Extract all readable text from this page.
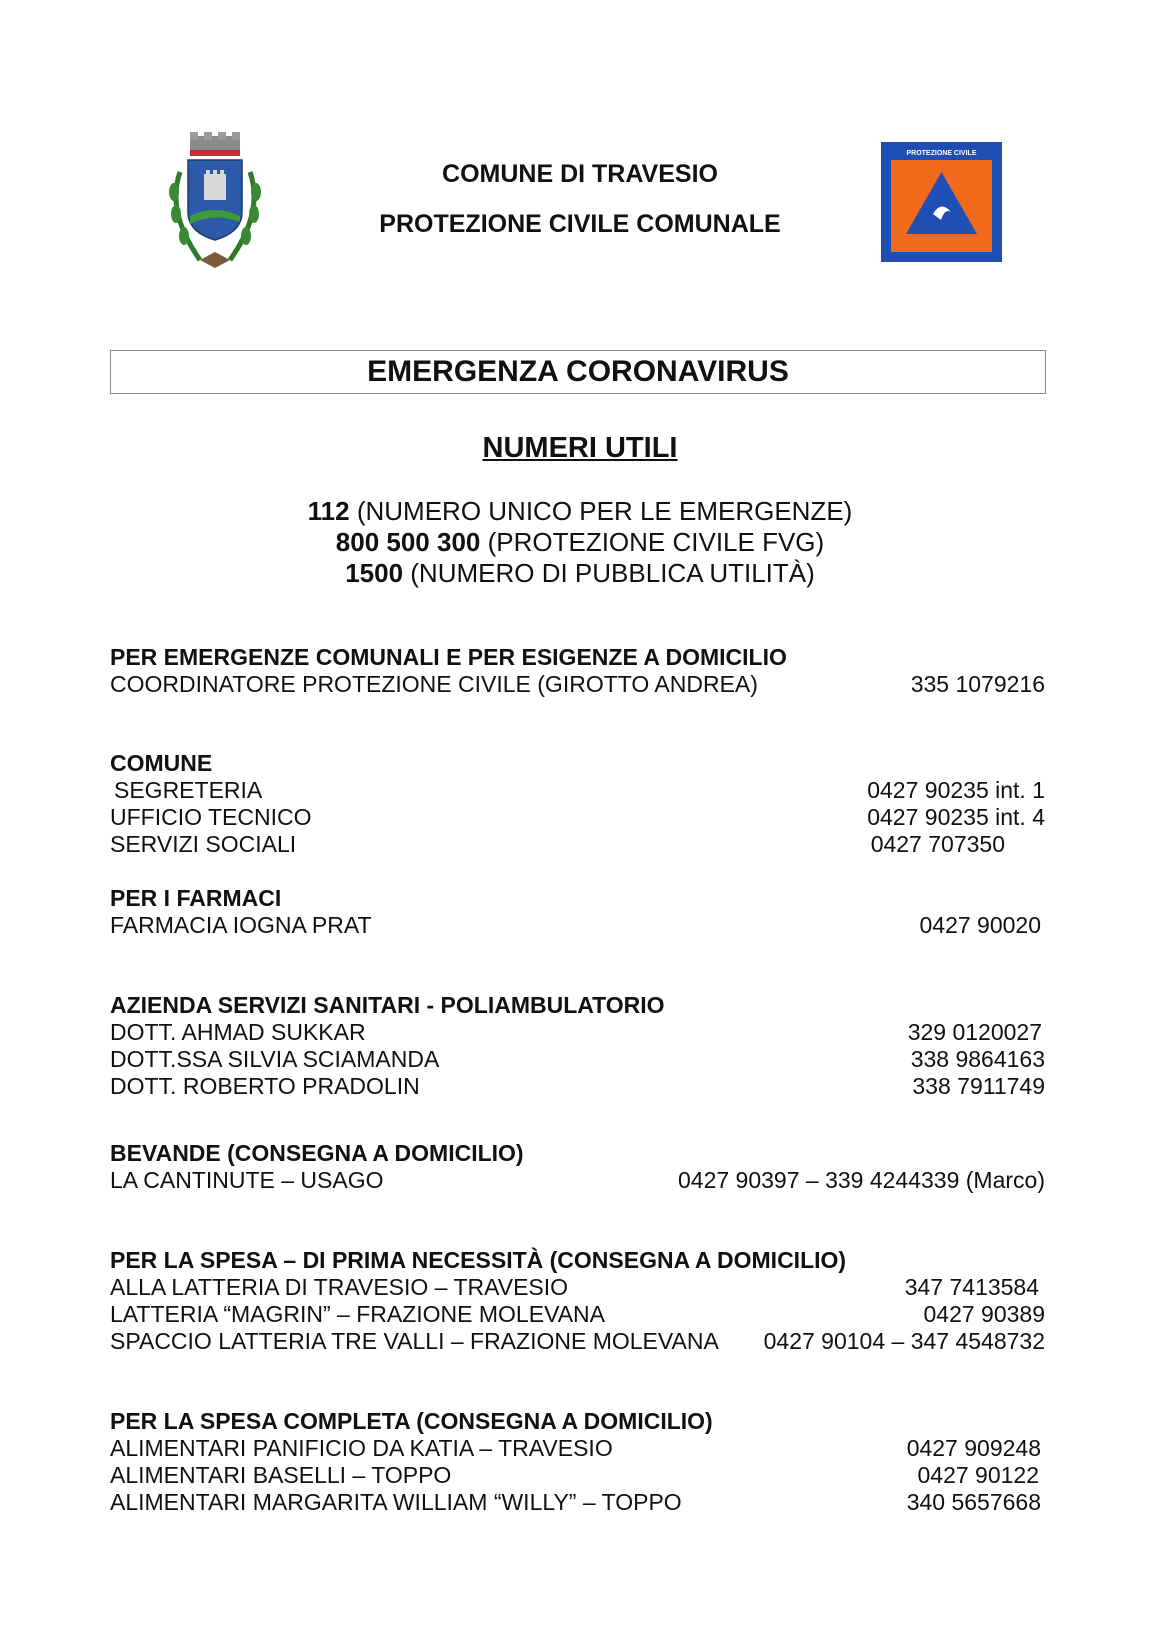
COMUNE DI TRAVESIO
PROTEZIONE CIVILE COMUNALE
PROTEZIONE CIVILE
EMERGENZA CORONAVIRUS
NUMERI UTILI
112 (NUMERO UNICO PER LE EMERGENZE)
800 500 300 (PROTEZIONE CIVILE FVG)
1500 (NUMERO DI PUBBLICA UTILITÀ)
PER EMERGENZE COMUNALI E PER ESIGENZE A DOMICILIO
COORDINATORE PROTEZIONE CIVILE (GIROTTO ANDREA)	335 1079216
COMUNE
SEGRETERIA	0427 90235 int. 1
UFFICIO TECNICO	0427 90235 int. 4
SERVIZI SOCIALI	0427 707350
PER I FARMACI
FARMACIA IOGNA PRAT	0427 90020
AZIENDA SERVIZI SANITARI - POLIAMBULATORIO
DOTT. AHMAD SUKKAR	329 0120027
DOTT.SSA SILVIA SCIAMANDA	338 9864163
DOTT. ROBERTO PRADOLIN	338 7911749
BEVANDE (CONSEGNA A DOMICILIO)
LA CANTINUTE – USAGO	0427 90397 – 339 4244339 (Marco)
PER LA SPESA – DI PRIMA NECESSITÀ (CONSEGNA A DOMICILIO)
ALLA LATTERIA DI TRAVESIO – TRAVESIO	347 7413584
LATTERIA “MAGRIN” – FRAZIONE MOLEVANA	0427 90389
SPACCIO LATTERIA TRE VALLI – FRAZIONE MOLEVANA 0427 90104 – 347 4548732
PER LA SPESA COMPLETA (CONSEGNA A DOMICILIO)
ALIMENTARI PANIFICIO DA KATIA – TRAVESIO	0427 909248
ALIMENTARI BASELLI – TOPPO	0427 90122
ALIMENTARI MARGARITA WILLIAM “WILLY” – TOPPO	340 5657668
